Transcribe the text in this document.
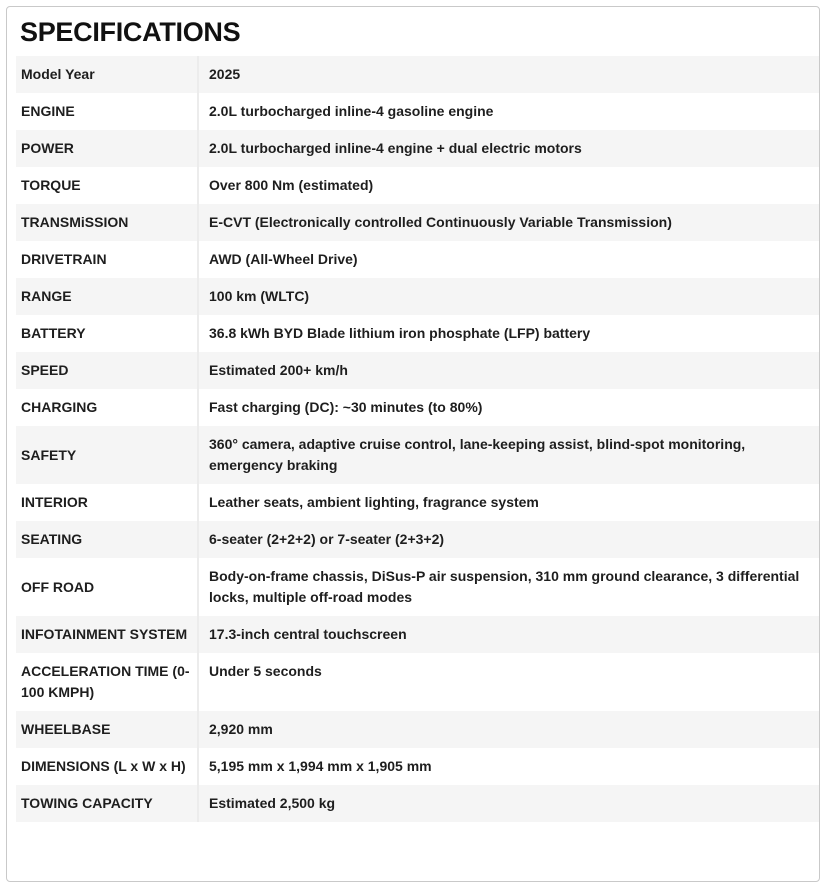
SPECIFICATIONS
Model Year	2025
ENGINE	2.0L turbocharged inline-4 gasoline engine
POWER	2.0L turbocharged inline-4 engine + dual electric motors
TORQUE	Over 800 Nm (estimated)
TRANSMiSSION	E-CVT (Electronically controlled Continuously Variable Transmission)
DRIVETRAIN	AWD (All-Wheel Drive)
RANGE	100 km (WLTC)
BATTERY	36.8 kWh BYD Blade lithium iron phosphate (LFP) battery
SPEED	Estimated 200+ km/h
CHARGING	Fast charging (DC): ~30 minutes (to 80%)
SAFETY	360° camera, adaptive cruise control, lane-keeping assist, blind-spot monitoring, emergency braking
INTERIOR	Leather seats, ambient lighting, fragrance system
SEATING	6-seater (2+2+2) or 7-seater (2+3+2)
OFF ROAD	Body-on-frame chassis, DiSus-P air suspension, 310 mm ground clearance, 3 differential locks, multiple off-road modes
INFOTAINMENT SYSTEM	17.3-inch central touchscreen
ACCELERATION TIME (0-100 KMPH)	Under 5 seconds
WHEELBASE	2,920 mm
DIMENSIONS (L x W x H)	5,195 mm x 1,994 mm x 1,905 mm
TOWING CAPACITY	Estimated 2,500 kg
